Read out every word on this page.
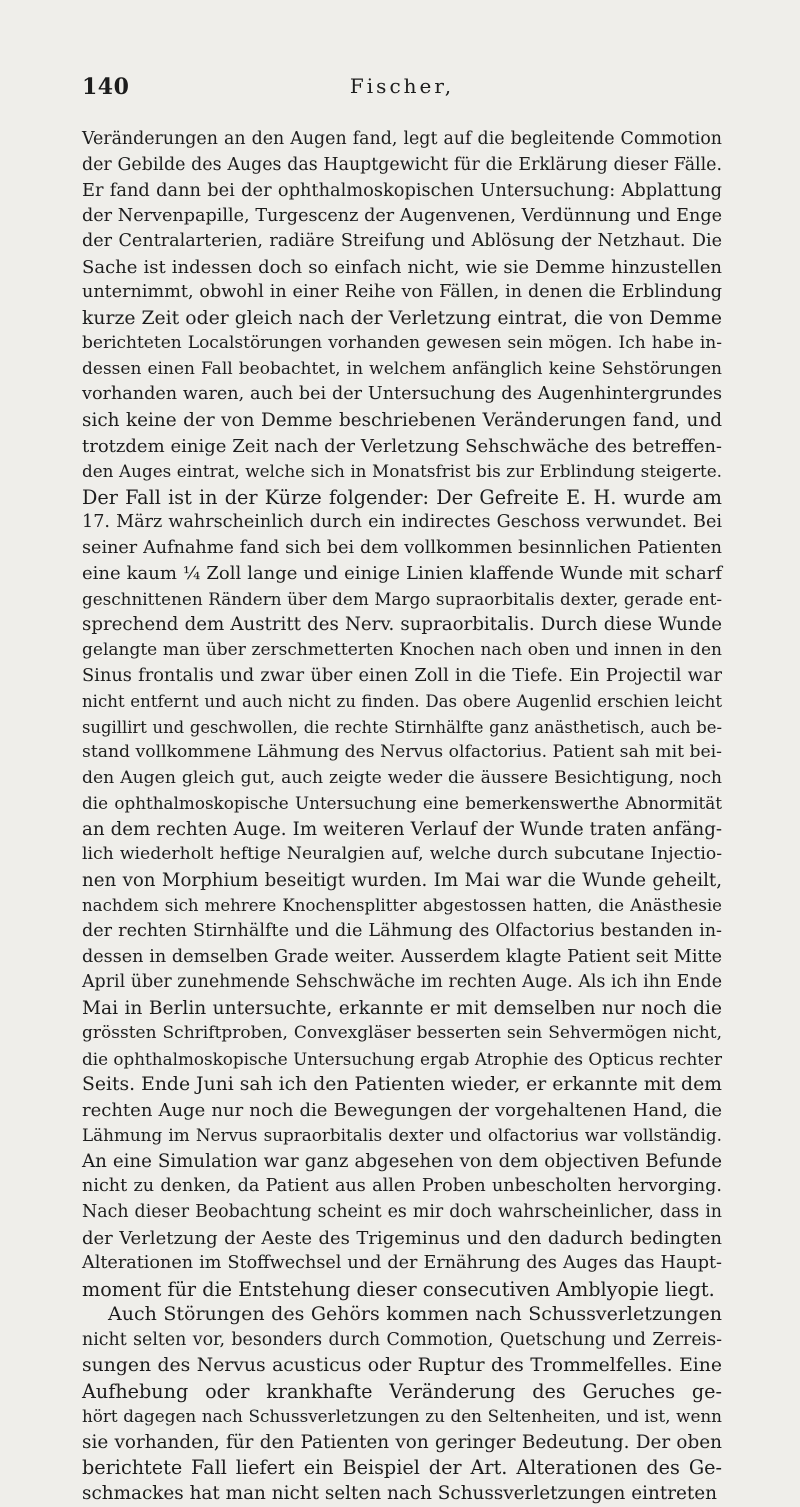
140	Fischer,
Veränderungen an den Augen fand, legt auf die begleitende Commotion
der Gebilde des Auges das Hauptgewicht für die Erklärung dieser Fälle.
Er fand dann bei der ophthalmoskopischen Untersuchung: Abplattung
der Nervenpapille, Turgescenz der Augenvenen, Verdünnung und Enge
der Centralarterien, radiäre Streifung und Ablösung der Netzhaut. Die
Sache ist indessen doch so einfach nicht, wie sie Demme hinzustellen
unternimmt, obwohl in einer Reihe von Fällen, in denen die Erblindung
kurze Zeit oder gleich nach der Verletzung eintrat, die von Demme
berichteten Localstörungen vorhanden gewesen sein mögen. Ich habe in-
dessen einen Fall beobachtet, in welchem anfänglich keine Sehstörungen
vorhanden waren, auch bei der Untersuchung des Augenhintergrundes
sich keine der von Demme beschriebenen Veränderungen fand, und
trotzdem einige Zeit nach der Verletzung Sehschwäche des betreffen-
den Auges eintrat, welche sich in Monatsfrist bis zur Erblindung steigerte.
Der Fall ist in der Kürze folgender: Der Gefreite E. H. wurde am
17. März wahrscheinlich durch ein indirectes Geschoss verwundet. Bei
seiner Aufnahme fand sich bei dem vollkommen besinnlichen Patienten
eine kaum ¼ Zoll lange und einige Linien klaffende Wunde mit scharf
geschnittenen Rändern über dem Margo supraorbitalis dexter, gerade ent-
sprechend dem Austritt des Nerv. supraorbitalis. Durch diese Wunde
gelangte man über zerschmetterten Knochen nach oben und innen in den
Sinus frontalis und zwar über einen Zoll in die Tiefe. Ein Projectil war
nicht entfernt und auch nicht zu finden. Das obere Augenlid erschien leicht
sugillirt und geschwollen, die rechte Stirnhälfte ganz anästhetisch, auch be-
stand vollkommene Lähmung des Nervus olfactorius. Patient sah mit bei-
den Augen gleich gut, auch zeigte weder die äussere Besichtigung, noch
die ophthalmoskopische Untersuchung eine bemerkenswerthe Abnormität
an dem rechten Auge. Im weiteren Verlauf der Wunde traten anfäng-
lich wiederholt heftige Neuralgien auf, welche durch subcutane Injectio-
nen von Morphium beseitigt wurden. Im Mai war die Wunde geheilt,
nachdem sich mehrere Knochensplitter abgestossen hatten, die Anästhesie
der rechten Stirnhälfte und die Lähmung des Olfactorius bestanden in-
dessen in demselben Grade weiter. Ausserdem klagte Patient seit Mitte
April über zunehmende Sehschwäche im rechten Auge. Als ich ihn Ende
Mai in Berlin untersuchte, erkannte er mit demselben nur noch die
grössten Schriftproben, Convexgläser besserten sein Sehvermögen nicht,
die ophthalmoskopische Untersuchung ergab Atrophie des Opticus rechter
Seits. Ende Juni sah ich den Patienten wieder, er erkannte mit dem
rechten Auge nur noch die Bewegungen der vorgehaltenen Hand, die
Lähmung im Nervus supraorbitalis dexter und olfactorius war vollständig.
An eine Simulation war ganz abgesehen von dem objectiven Befunde
nicht zu denken, da Patient aus allen Proben unbescholten hervorging.
Nach dieser Beobachtung scheint es mir doch wahrscheinlicher, dass in
der Verletzung der Aeste des Trigeminus und den dadurch bedingten
Alterationen im Stoffwechsel und der Ernährung des Auges das Haupt-
moment für die Entstehung dieser consecutiven Amblyopie liegt.
Auch Störungen des Gehörs kommen nach Schussverletzungen
nicht selten vor, besonders durch Commotion, Quetschung und Zerreis-
sungen des Nervus acusticus oder Ruptur des Trommelfelles. Eine
Aufhebung oder krankhafte Veränderung des Geruches ge-
hört dagegen nach Schussverletzungen zu den Seltenheiten, und ist, wenn
sie vorhanden, für den Patienten von geringer Bedeutung. Der oben
berichtete Fall liefert ein Beispiel der Art. Alterationen des Ge-
schmackes hat man nicht selten nach Schussverletzungen eintreten
